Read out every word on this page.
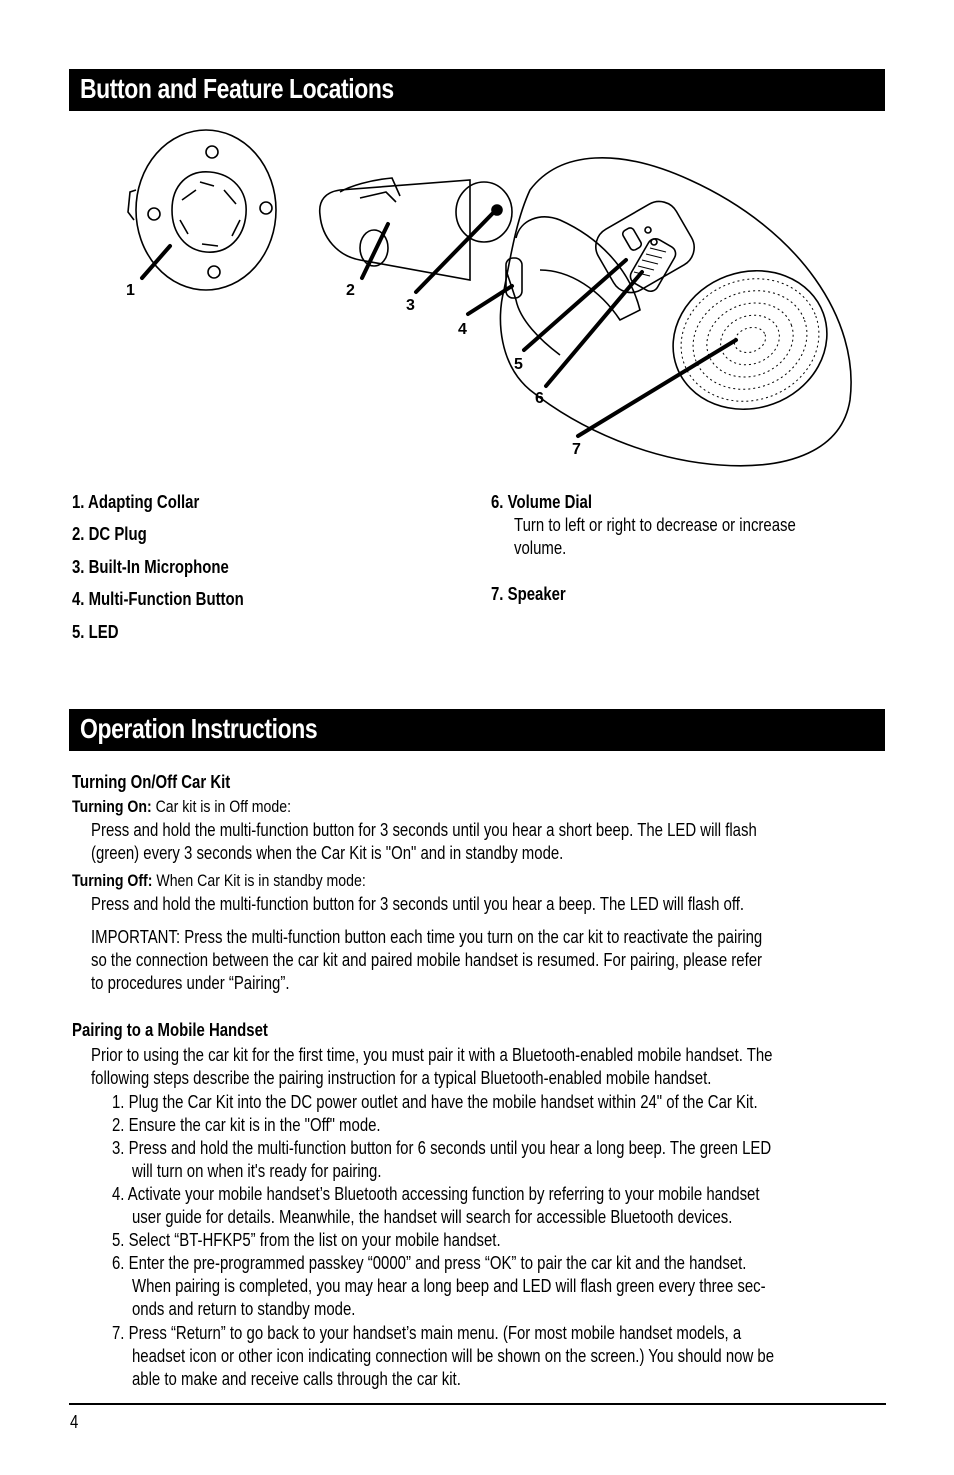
Button and Feature Locations
1	2
3
4
5
6
7
1. Adapting Collar
2. DC Plug
3. Built-In Microphone
4. Multi-Function Button
5. LED
6. Volume Dial
Turn to left or right to decrease or increase
volume.
7. Speaker
Operation Instructions
Turning On/Off Car Kit
Turning On: Car kit is in Off mode:
Press and hold the multi-function button for 3 seconds until you hear a short beep. The LED will flash
(green) every 3 seconds when the Car Kit is "On" and in standby mode.
Turning Off: When Car Kit is in standby mode:
Press and hold the multi-function button for 3 seconds until you hear a beep. The LED will flash off.
IMPORTANT: Press the multi-function button each time you turn on the car kit to reactivate the pairing
so the connection between the car kit and paired mobile handset is resumed. For pairing, please refer
to procedures under “Pairing”.
Pairing to a Mobile Handset
Prior to using the car kit for the first time, you must pair it with a Bluetooth-enabled mobile handset. The
following steps describe the pairing instruction for a typical Bluetooth-enabled mobile handset.
1. Plug the Car Kit into the DC power outlet and have the mobile handset within 24" of the Car Kit.
2. Ensure the car kit is in the "Off" mode.
3. Press and hold the multi-function button for 6 seconds until you hear a long beep. The green LED
will turn on when it's ready for pairing.
4. Activate your mobile handset’s Bluetooth accessing function by referring to your mobile handset
user guide for details. Meanwhile, the handset will search for accessible Bluetooth devices.
5. Select “BT-HFKP5” from the list on your mobile handset.
6. Enter the pre-programmed passkey “0000” and press “OK” to pair the car kit and the handset.
When pairing is completed, you may hear a long beep and LED will flash green every three sec-
onds and return to standby mode.
7. Press “Return” to go back to your handset’s main menu. (For most mobile handset models, a
headset icon or other icon indicating connection will be shown on the screen.) You should now be
able to make and receive calls through the car kit.
4
